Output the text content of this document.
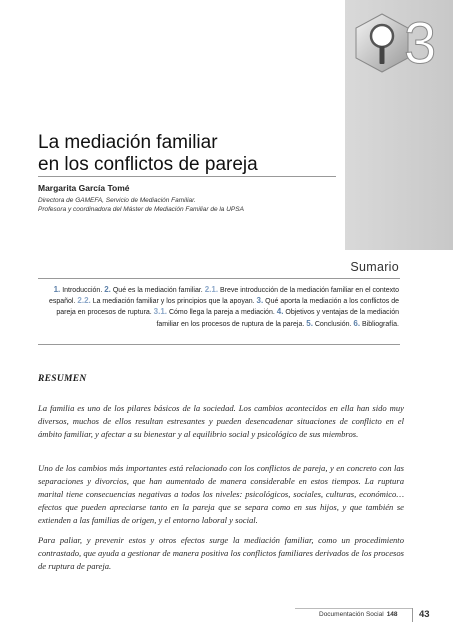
3
La mediación familiar
en los conflictos de pareja
Margarita García Tomé
Directora de GAMEFA, Servicio de Mediación Familiar.
Profesora y coordinadora del Máster de Mediación Familiar de la UPSA
Sumario
1. Introducción. 2. Qué es la mediación familiar. 2.1. Breve introducción de la mediación familiar en el contexto español. 2.2. La mediación familiar y los principios que la apoyan. 3. Qué aporta la mediación a los conflictos de pareja en procesos de ruptura. 3.1. Cómo llega la pareja a mediación. 4. Objetivos y ventajas de la mediación familiar en los procesos de ruptura de la pareja. 5. Conclusión. 6. Bibliografía.
RESUMEN

La familia es uno de los pilares básicos de la sociedad. Los cambios acontecidos en ella han sido muy diversos, muchos de ellos resultan estresantes y pueden desencadenar situaciones de conflicto en el ámbito familiar, y afectar a su bienestar y al equilibrio social y psicológico de sus miembros.

Uno de los cambios más importantes está relacionado con los conflictos de pareja, y en concreto con las separaciones y divorcios, que han aumentado de manera considerable en estos tiempos. La ruptura marital tiene consecuencias negativas a todos los niveles: psicológicos, sociales, culturas, económico… efectos que pueden apreciarse tanto en la pareja que se separa como en sus hijos, y que también se extienden a las familias de origen, y el entorno laboral y social.

Para paliar, y prevenir estos y otros efectos surge la mediación familiar, como un procedimiento contrastado, que ayuda a gestionar de manera positiva los conflictos familiares derivados de los procesos de ruptura de pareja.

Documentación Social 148 43
